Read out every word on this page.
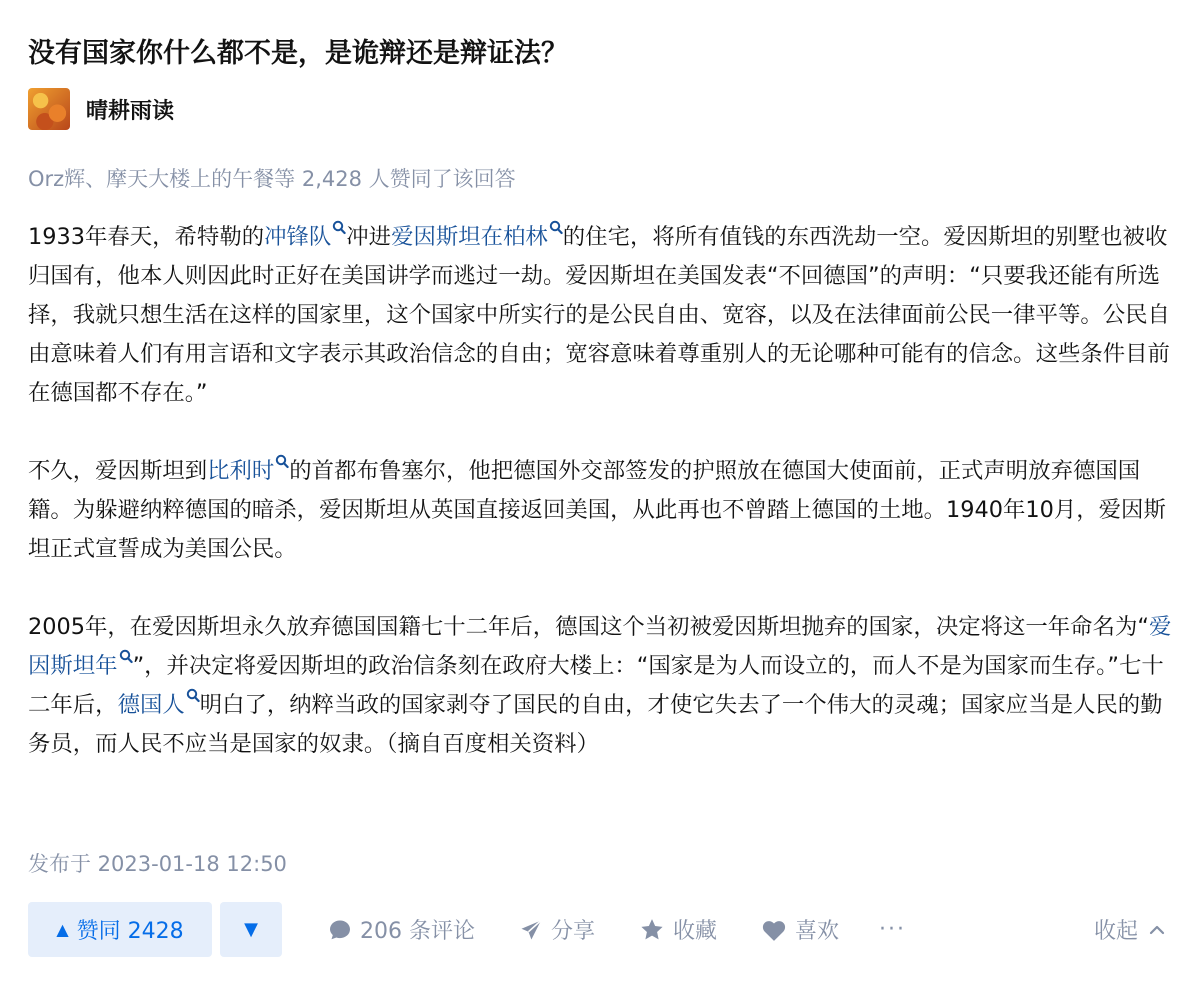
没有国家你什么都不是，是诡辩还是辩证法？
晴耕雨读
Orz辉、摩天大楼上的午餐等 2,428 人赞同了该回答

1933年春天，希特勒的冲锋队 冲进爱因斯坦在柏林 的住宅，将所有值钱的东西洗劫一空。爱因斯坦的别墅也被收归国有，他本人则因此时正好在美国讲学而逃过一劫。爱因斯坦在美国发表“不回德国”的声明：“只要我还能有所选择，我就只想生活在这样的国家里，这个国家中所实行的是公民自由、宽容，以及在法律面前公民一律平等。公民自由意味着人们有用言语和文字表示其政治信念的自由；宽容意味着尊重别人的无论哪种可能有的信念。这些条件目前在德国都不存在。”

不久，爱因斯坦到比利时 的首都布鲁塞尔，他把德国外交部签发的护照放在德国大使面前，正式声明放弃德国国籍。为躲避纳粹德国的暗杀，爱因斯坦从英国直接返回美国，从此再也不曾踏上德国的土地。1940年10月，爱因斯坦正式宣誓成为美国公民。

2005年，在爱因斯坦永久放弃德国国籍七十二年后，德国这个当初被爱因斯坦抛弃的国家，决定将这一年命名为“爱因斯坦年 ”，并决定将爱因斯坦的政治信条刻在政府大楼上：“国家是为人而设立的，而人不是为国家而生存。”七十二年后，德国人 明白了，纳粹当政的国家剥夺了国民的自由，才使它失去了一个伟大的灵魂；国家应当是人民的勤务员，而人民不应当是国家的奴隶。（摘自百度相关资料）

发布于 2023-01-18 12:50
▲ 赞同 2428	▼	206 条评论	分享	收藏	喜欢 ···	收起
